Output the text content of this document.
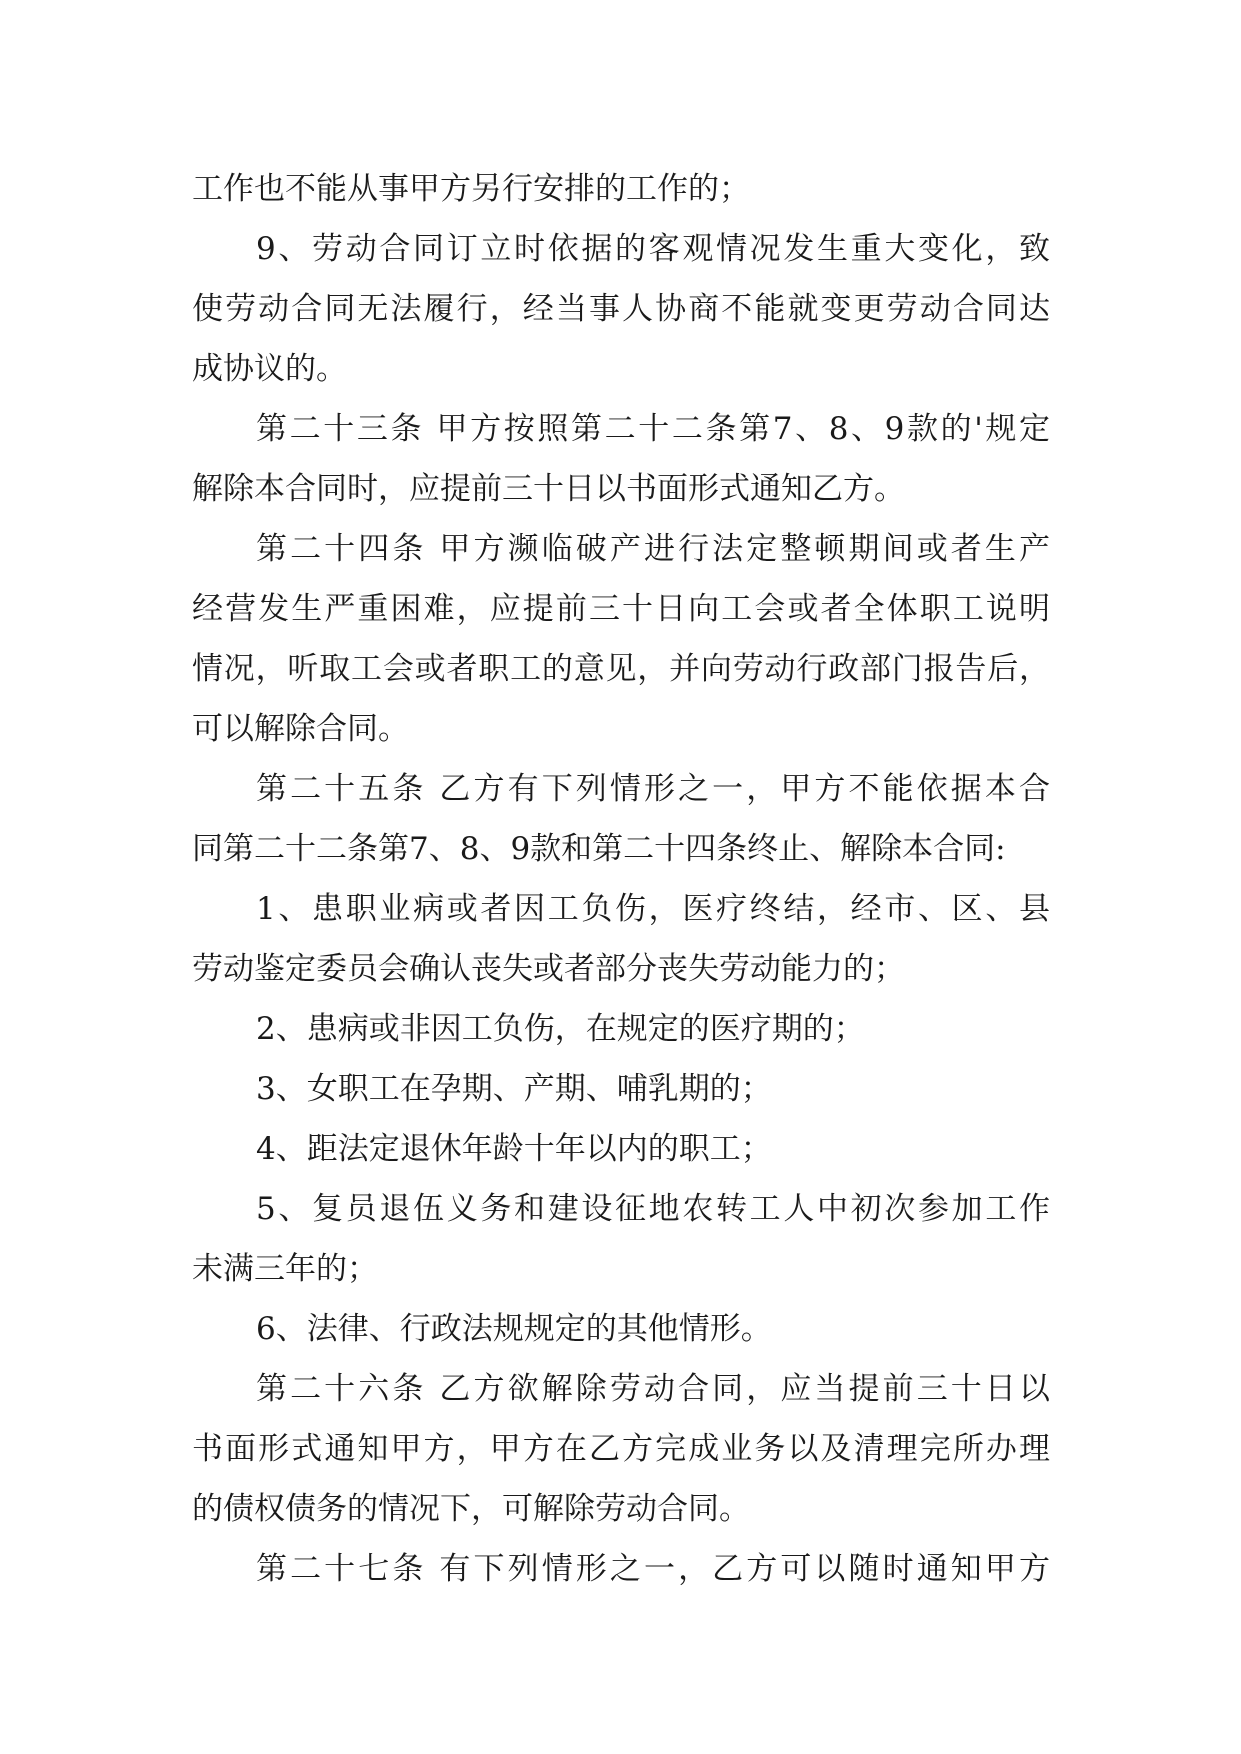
工作也不能从事甲方另行安排的工作的；
9、劳动合同订立时依据的客观情况发生重大变化，致
使劳动合同无法履行，经当事人协商不能就变更劳动合同达
成协议的。
第二十三条 甲方按照第二十二条第7、8、9款的'规定
解除本合同时，应提前三十日以书面形式通知乙方。
第二十四条 甲方濒临破产进行法定整顿期间或者生产
经营发生严重困难，应提前三十日向工会或者全体职工说明
情况，听取工会或者职工的意见，并向劳动行政部门报告后，
可以解除合同。
第二十五条 乙方有下列情形之一，甲方不能依据本合
同第二十二条第7、8、9款和第二十四条终止、解除本合同:
1、患职业病或者因工负伤，医疗终结，经市、区、县
劳动鉴定委员会确认丧失或者部分丧失劳动能力的；
2、患病或非因工负伤，在规定的医疗期的；
3、女职工在孕期、产期、哺乳期的；
4、距法定退休年龄十年以内的职工；
5、复员退伍义务和建设征地农转工人中初次参加工作
未满三年的；
6、法律、行政法规规定的其他情形。
第二十六条 乙方欲解除劳动合同，应当提前三十日以
书面形式通知甲方，甲方在乙方完成业务以及清理完所办理
的债权债务的情况下，可解除劳动合同。
第二十七条 有下列情形之一，乙方可以随时通知甲方
